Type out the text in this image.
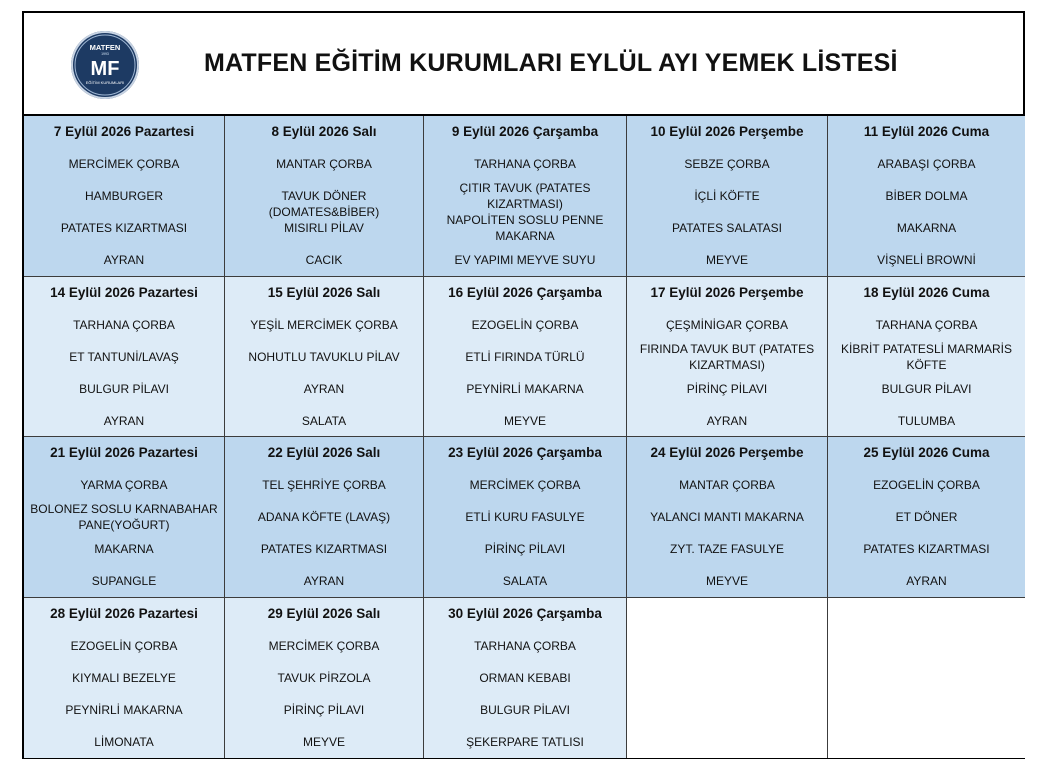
MATFEN
1993
MF
EĞİTİM KURUMLARI
MATFEN EĞİTİM KURUMLARI EYLÜL AYI YEMEK LİSTESİ
7 Eylül 2026 Pazartesi
MERCİMEK ÇORBA
HAMBURGER
PATATES KIZARTMASI
AYRAN
8 Eylül 2026 Salı
MANTAR ÇORBA
TAVUK DÖNER (DOMATES&BİBER)
MISIRLI PİLAV
CACIK
9 Eylül 2026 Çarşamba
TARHANA ÇORBA
ÇITIR TAVUK (PATATES KIZARTMASI)
NAPOLİTEN SOSLU PENNE MAKARNA
EV YAPIMI MEYVE SUYU
10 Eylül 2026 Perşembe
SEBZE ÇORBA
İÇLİ KÖFTE
PATATES SALATASI
MEYVE
11 Eylül 2026 Cuma
ARABAŞI ÇORBA
BİBER DOLMA
MAKARNA
VİŞNELİ BROWNİ
14 Eylül 2026 Pazartesi
TARHANA ÇORBA
ET TANTUNİ/LAVAŞ
BULGUR PİLAVI
AYRAN
15 Eylül 2026 Salı
YEŞİL MERCİMEK ÇORBA
NOHUTLU TAVUKLU PİLAV
AYRAN
SALATA
16 Eylül 2026 Çarşamba
EZOGELİN ÇORBA
ETLİ FIRINDA TÜRLÜ
PEYNİRLİ MAKARNA
MEYVE
17 Eylül 2026 Perşembe
ÇEŞMİNİGAR ÇORBA
FIRINDA TAVUK BUT (PATATES KIZARTMASI)
PİRİNÇ PİLAVI
AYRAN
18 Eylül 2026 Cuma
TARHANA ÇORBA
KİBRİT PATATESLİ MARMARİS KÖFTE
BULGUR PİLAVI
TULUMBA
21 Eylül 2026 Pazartesi
YARMA ÇORBA
BOLONEZ SOSLU KARNABAHAR PANE(YOĞURT)
MAKARNA
SUPANGLE
22 Eylül 2026 Salı
TEL ŞEHRİYE ÇORBA
ADANA KÖFTE (LAVAŞ)
PATATES KIZARTMASI
AYRAN
23 Eylül 2026 Çarşamba
MERCİMEK ÇORBA
ETLİ KURU FASULYE
PİRİNÇ PİLAVI
SALATA
24 Eylül 2026 Perşembe
MANTAR ÇORBA
YALANCI MANTI MAKARNA
ZYT. TAZE FASULYE
MEYVE
25 Eylül 2026 Cuma
EZOGELİN ÇORBA
ET DÖNER
PATATES KIZARTMASI
AYRAN
28 Eylül 2026 Pazartesi
EZOGELİN ÇORBA
KIYMALI BEZELYE
PEYNİRLİ MAKARNA
LİMONATA
29 Eylül 2026 Salı
MERCİMEK ÇORBA
TAVUK PİRZOLA
PİRİNÇ PİLAVI
MEYVE
30 Eylül 2026 Çarşamba
TARHANA ÇORBA
ORMAN KEBABI
BULGUR PİLAVI
ŞEKERPARE TATLISI
